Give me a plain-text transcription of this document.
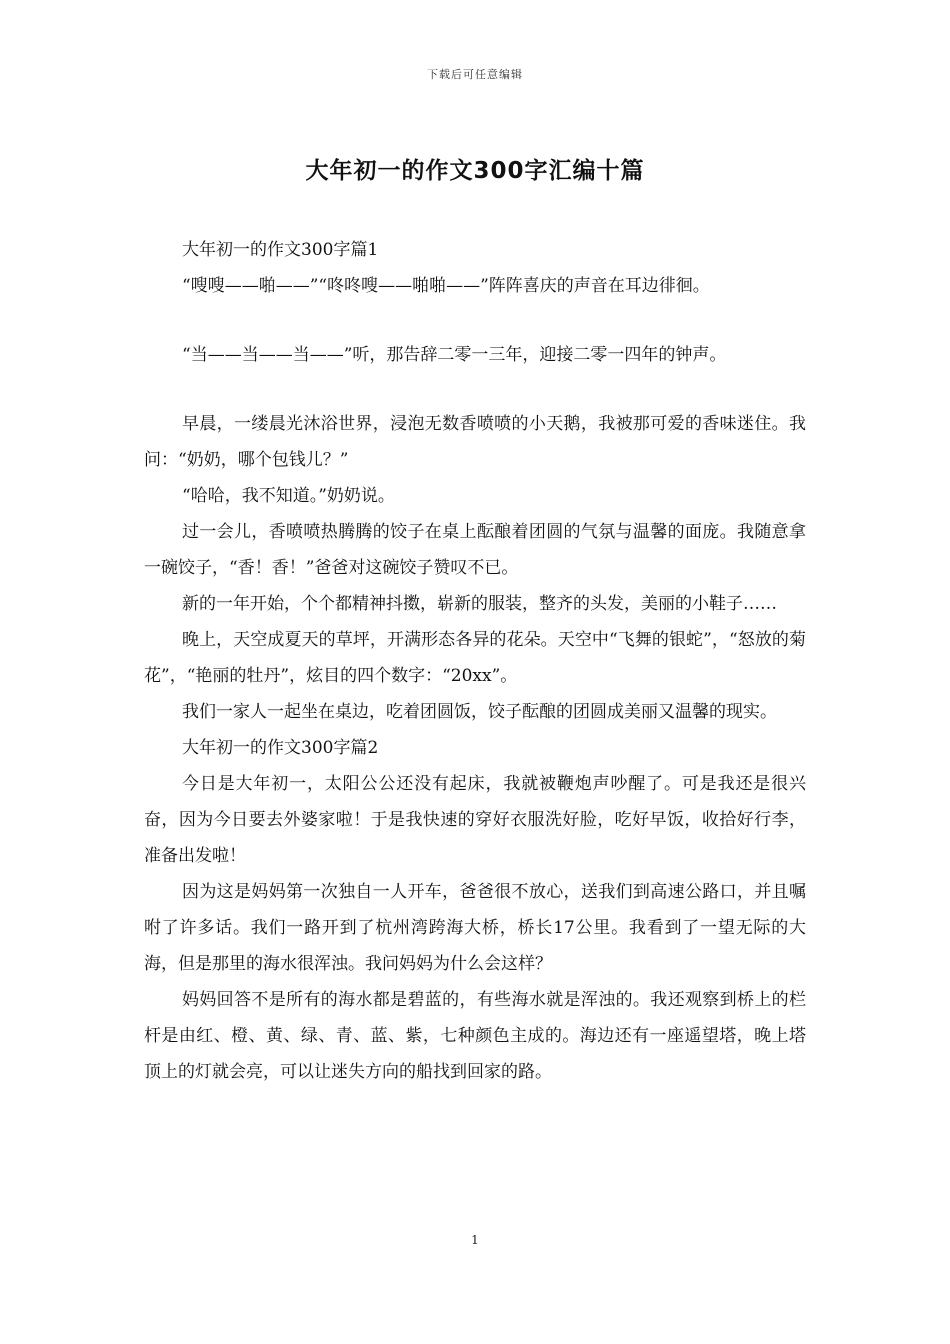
下载后可任意编辑
大年初一的作文300字汇编十篇

大年初一的作文300字篇1

“嗖嗖——啪——”“咚咚嗖——啪啪——”阵阵喜庆的声音在耳边徘徊。

“当——当——当——”听，那告辞二零一三年，迎接二零一四年的钟声。

早晨，一缕晨光沐浴世界，浸泡无数香喷喷的小天鹅，我被那可爱的香味迷住。我问：“奶奶，哪个包钱儿？”

“哈哈，我不知道。”奶奶说。

过一会儿，香喷喷热腾腾的饺子在桌上酝酿着团圆的气氛与温馨的面庞。我随意拿一碗饺子，“香！香！”爸爸对这碗饺子赞叹不已。

新的一年开始，个个都精神抖擞，崭新的服装，整齐的头发，美丽的小鞋子……

晚上，天空成夏天的草坪，开满形态各异的花朵。天空中“飞舞的银蛇”，“怒放的菊花”，“艳丽的牡丹”，炫目的四个数字：“20xx”。

我们一家人一起坐在桌边，吃着团圆饭，饺子酝酿的团圆成美丽又温馨的现实。

大年初一的作文300字篇2

今日是大年初一，太阳公公还没有起床，我就被鞭炮声吵醒了。可是我还是很兴奋，因为今日要去外婆家啦！于是我快速的穿好衣服洗好脸，吃好早饭，收拾好行李，准备出发啦！

因为这是妈妈第一次独自一人开车，爸爸很不放心，送我们到高速公路口，并且嘱咐了许多话。我们一路开到了杭州湾跨海大桥，桥长17公里。我看到了一望无际的大海，但是那里的海水很浑浊。我问妈妈为什么会这样？

妈妈回答不是所有的海水都是碧蓝的，有些海水就是浑浊的。我还观察到桥上的栏杆是由红、橙、黄、绿、青、蓝、紫，七种颜色主成的。海边还有一座遥望塔，晚上塔顶上的灯就会亮，可以让迷失方向的船找到回家的路。

1
